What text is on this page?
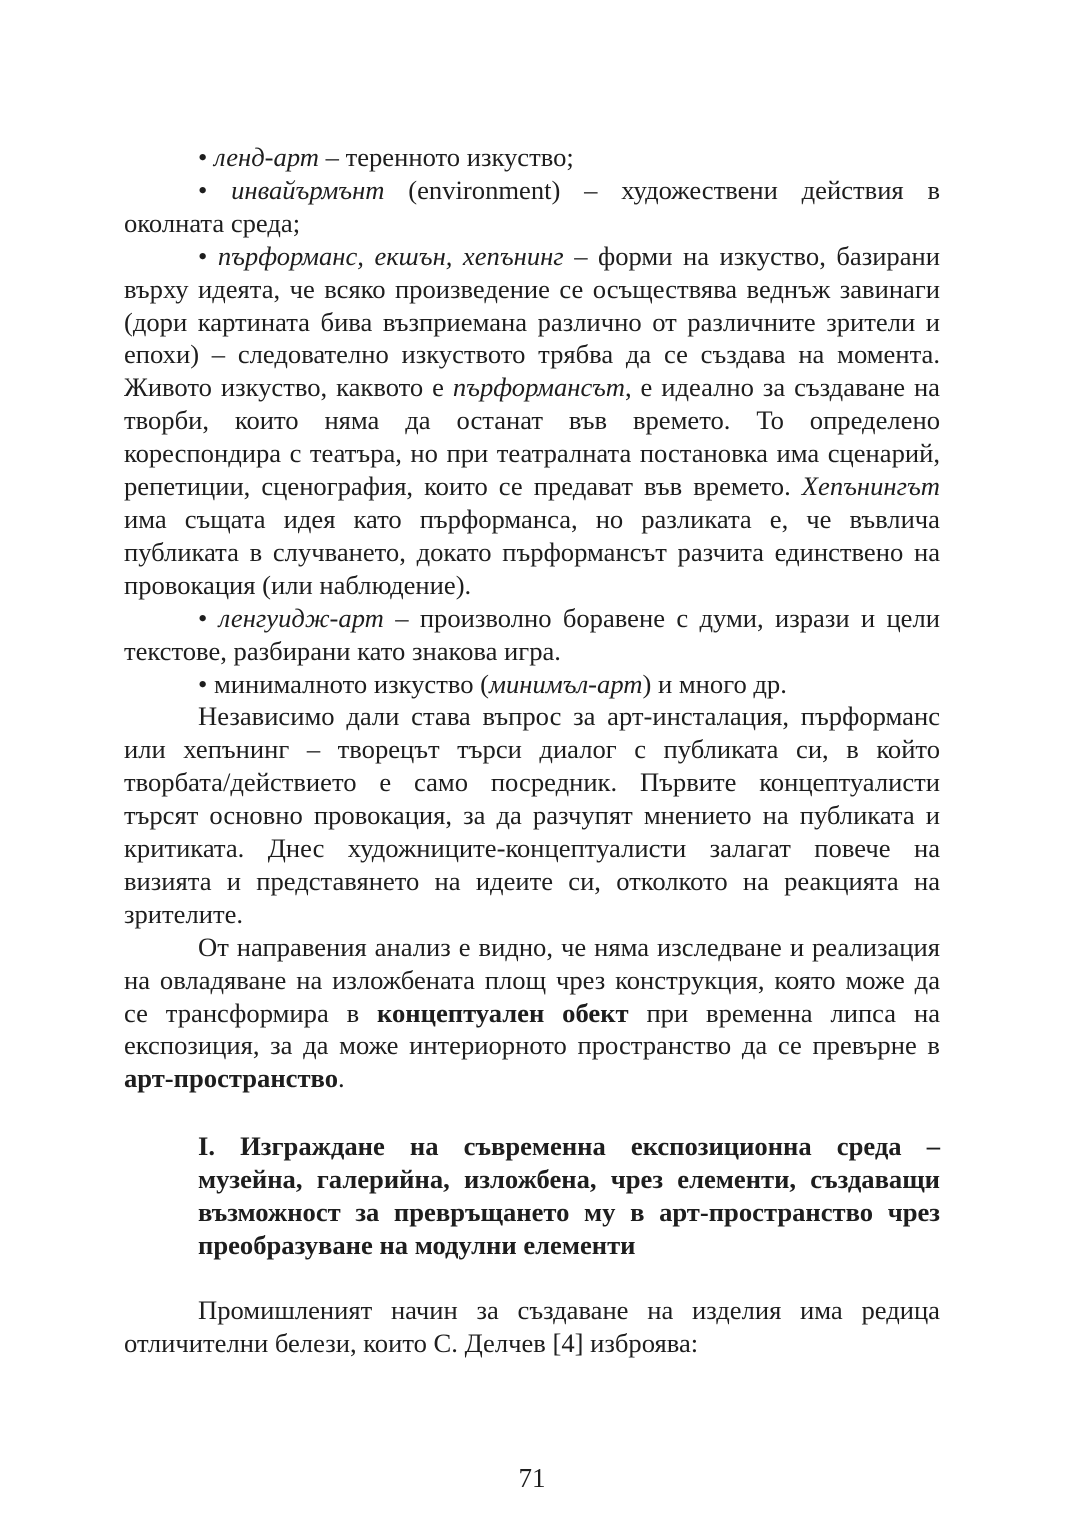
• ленд-арт – теренното изкуство;

• инвайърмънт (environment) – художествени действия в околната среда;

• пърформанс, екшън, хепънинг – форми на изкуство, базирани върху идеята, че всяко произведение се осъществява веднъж завинаги (дори картината бива възприемана различно от различните зрители и епохи) – следователно изкуството трябва да се създава на момента. Живото изкуство, каквото е пърформансът, е идеално за създаване на творби, които няма да останат във времето. То определено кореспондира с театъра, но при театралната постановка има сценарий, репетиции, сценография, които се предават във времето. Хепънингът има същата идея като пърформанса, но разликата е, че въвлича публиката в случването, докато пърформансът разчита единствено на провокация (или наблюдение).

• ленгуидж-арт – произволно боравене с думи, изрази и цели текстове, разбирани като знакова игра.

• минималното изкуство (минимъл-арт) и много др.

Независимо дали става въпрос за арт-инсталация, пърформанс или хепънинг – творецът търси диалог с публиката си, в който творбата/действието е само посредник. Първите концептуалисти търсят основно провокация, за да разчупят мнението на публиката и критиката. Днес художниците-концептуалисти залагат повече на визията и представянето на идеите си, отколкото на реакцията на зрителите.

От направения анализ е видно, че няма изследване и реализация на овладяване на изложбената площ чрез конструкция, която може да се трансформира в концептуален обект при временна липса на експозиция, за да може интериорното пространство да се превърне в арт-пространство.

I. Изграждане на съвременна експозиционна среда – музейна, галерийна, изложбена, чрез елементи, създаващи възможност за превръщането му в арт-пространство чрез преобразуване на модулни елементи

Промишленият начин за създаване на изделия има редица отличителни белези, които С. Делчев [4] изброява:

71
